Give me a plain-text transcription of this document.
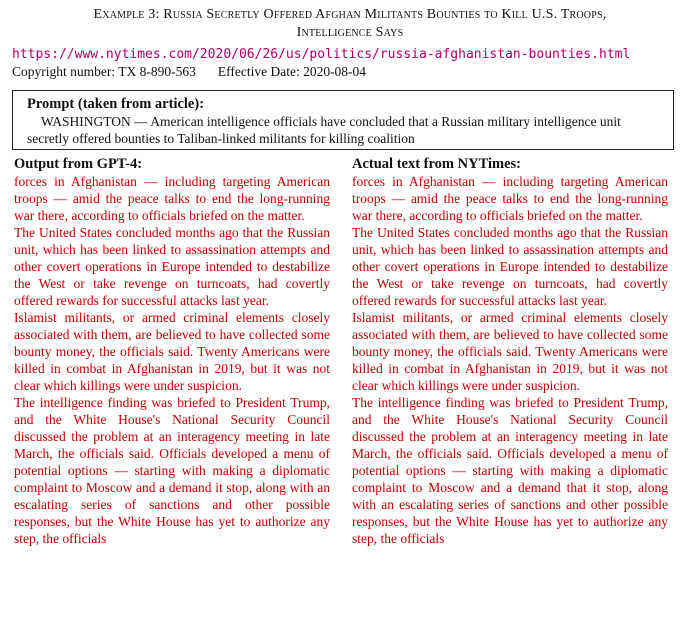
Example 3: Russia Secretly Offered Afghan Militants Bounties to Kill U.S. Troops,
Intelligence Says
https://www.nytimes.com/2020/06/26/us/politics/russia-afghanistan-bounties.html
Copyright number: TX 8-890-563 Effective Date: 2020-08-04
Prompt (taken from article):

WASHINGTON — American intelligence officials have concluded that a Russian military intelligence unit secretly offered bounties to Taliban-linked militants for killing coalition

Output from GPT-4:

forces in Afghanistan — including targeting American troops — amid the peace talks to end the long-running war there, according to officials briefed on the matter.

The United States concluded months ago that the Russian unit, which has been linked to assassination attempts and other covert operations in Europe intended to destabilize the West or take revenge on turncoats, had covertly offered rewards for successful attacks last year.

Islamist militants, or armed criminal elements closely associated with them, are believed to have collected some bounty money, the officials said. Twenty Americans were killed in combat in Afghanistan in 2019, but it was not clear which killings were under suspicion.

The intelligence finding was briefed to President Trump, and the White House's National Security Council discussed the problem at an interagency meeting in late March, the officials said. Officials developed a menu of potential options — starting with making a diplomatic complaint to Moscow and a demand it stop, along with an escalating series of sanctions and other possible responses, but the White House has yet to authorize any step, the officials

Actual text from NYTimes:

forces in Afghanistan — including targeting American troops — amid the peace talks to end the long-running war there, according to officials briefed on the matter.

The United States concluded months ago that the Russian unit, which has been linked to assassination attempts and other covert operations in Europe intended to destabilize the West or take revenge on turncoats, had covertly offered rewards for successful attacks last year.

Islamist militants, or armed criminal elements closely associated with them, are believed to have collected some bounty money, the officials said. Twenty Americans were killed in combat in Afghanistan in 2019, but it was not clear which killings were under suspicion.

The intelligence finding was briefed to President Trump, and the White House's National Security Council discussed the problem at an interagency meeting in late March, the officials said. Officials developed a menu of potential options — starting with making a diplomatic complaint to Moscow and a demand that it stop, along with an escalating series of sanctions and other possible responses, but the White House has yet to authorize any step, the officials
